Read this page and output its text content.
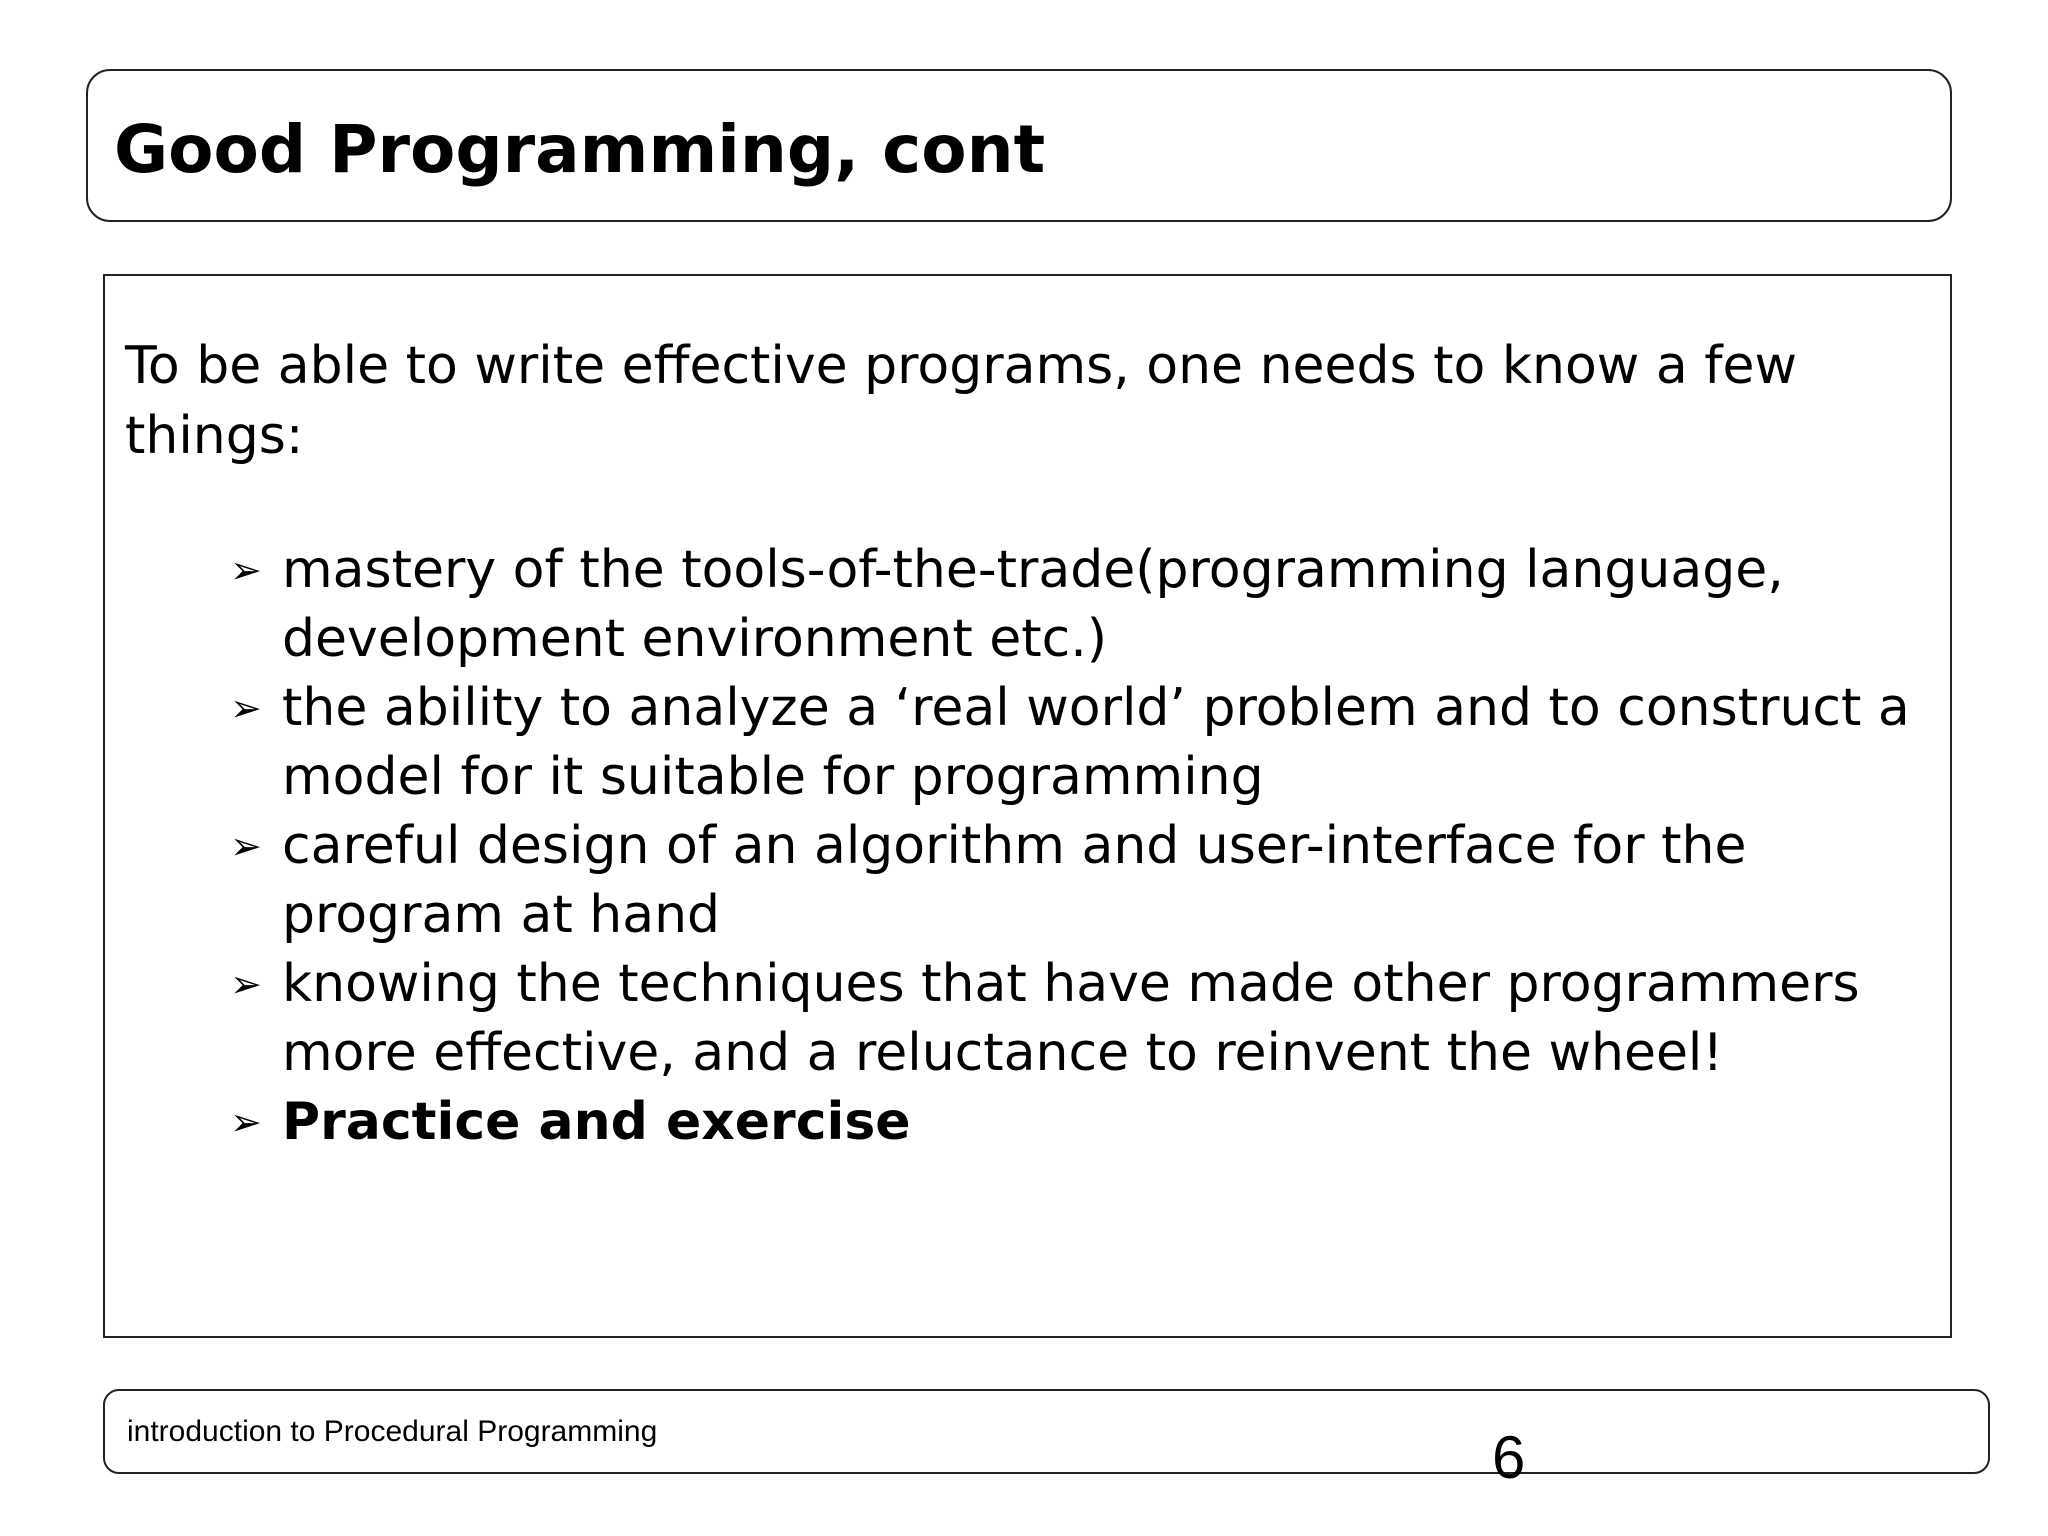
Good Programming, cont
To be able to write effective programs, one needs to know a few things:
➢ mastery of the tools-of-the-trade(programming language, development environment etc.)
➢ the ability to analyze a ‘real world’ problem and to construct a model for it suitable for programming
➢ careful design of an algorithm and user-interface for the program at hand
➢ knowing the techniques that have made other programmers more effective, and a reluctance to reinvent the wheel!
➢ Practice and exercise
introduction to Procedural Programming	6
